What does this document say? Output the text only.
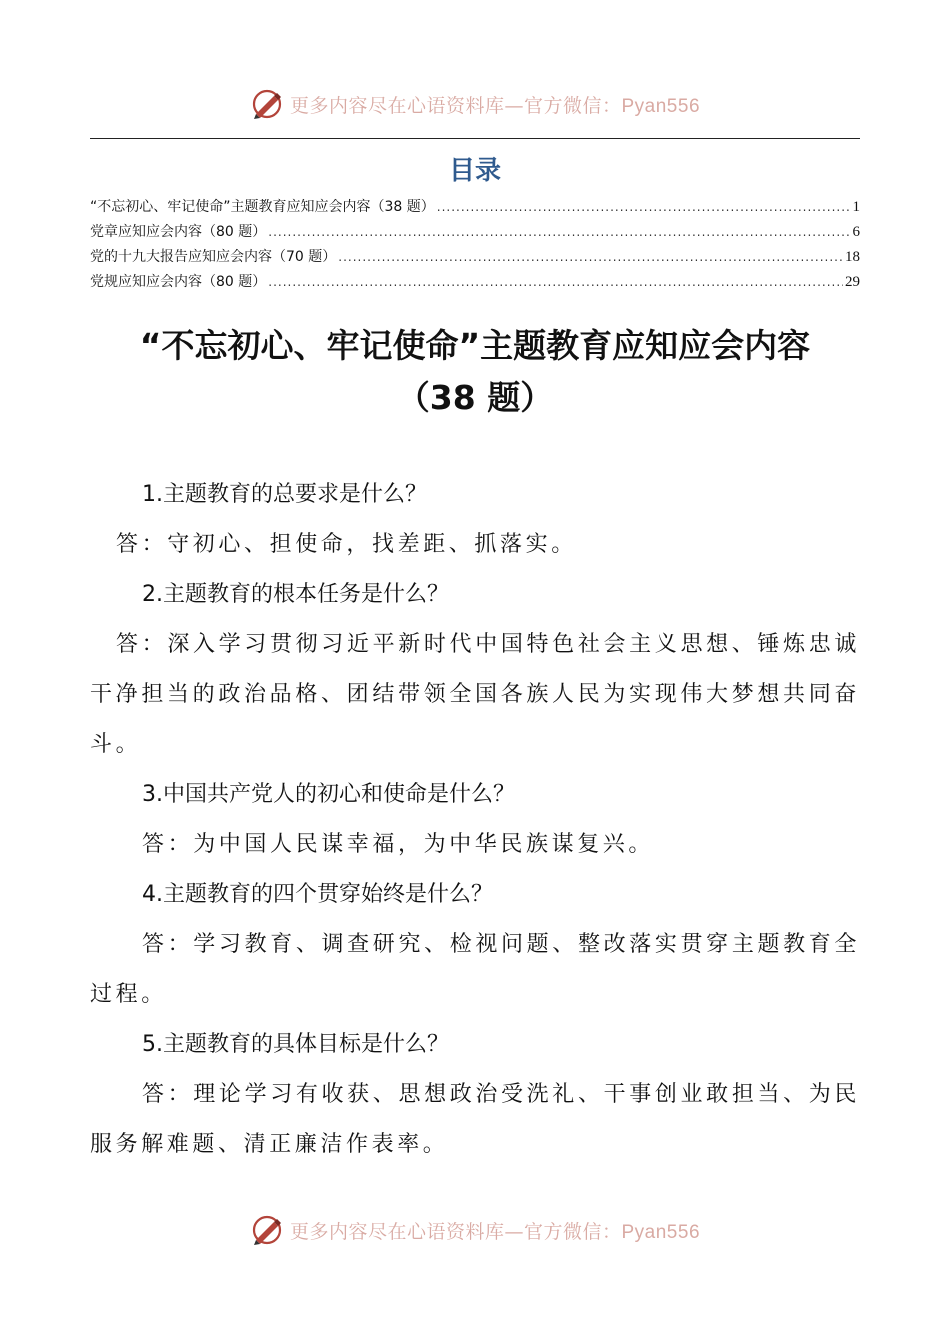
更多内容尽在心语资料库—官方微信：Pyan556
目录
“不忘初心、牢记使命”主题教育应知应会内容（38 题） .....	1
党章应知应会内容（80 题） .....	6
党的十九大报告应知应会内容（70 题） .....	18
党规应知应会内容（80 题） .....	29
“不忘初心、牢记使命”主题教育应知应会内容
（38 题）
1.主题教育的总要求是什么？
答：守初心、担使命，找差距、抓落实。
2.主题教育的根本任务是什么？
答：深入学习贯彻习近平新时代中国特色社会主义思想、锤炼忠诚干净担当的政治品格、团结带领全国各族人民为实现伟大梦想共同奋斗。
3.中国共产党人的初心和使命是什么？
答：为中国人民谋幸福，为中华民族谋复兴。
4.主题教育的四个贯穿始终是什么？
答：学习教育、调查研究、检视问题、整改落实贯穿主题教育全过程。
5.主题教育的具体目标是什么？
答：理论学习有收获、思想政治受洗礼、干事创业敢担当、为民服务解难题、清正廉洁作表率。
更多内容尽在心语资料库—官方微信：Pyan556
